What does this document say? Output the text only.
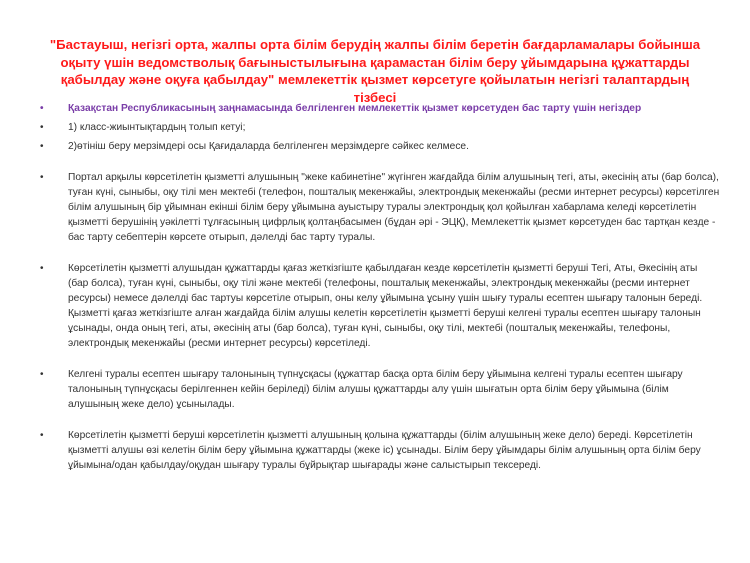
"Бастауыш, негізгі орта, жалпы орта білім берудің жалпы білім беретін бағдарламалары бойынша оқыту үшін ведомстволық бағыныстылығына қарамастан білім беру ұйымдарына құжаттарды қабылдау және оқуға қабылдау" мемлекеттік қызмет көрсетуге қойылатын негізгі талаптардың тізбесі
• Қазақстан Республикасының заңнамасында белгіленген мемлекеттік қызмет көрсетуден бас тарту үшін негіздер
• 1) класс-жиынтықтардың толып кетуі;
• 2)өтініш беру мерзімдері осы Қағидаларда белгіленген мерзімдерге сәйкес келмесе.
• Портал арқылы көрсетілетін қызметті алушының "жеке кабинетіне" жүгінген жағдайда білім алушының тегі, аты, әкесінің аты (бар болса), туған күні, сыныбы, оқу тілі мен мектебі (телефон, пошталық мекенжайы, электрондық мекенжайы (ресми интернет ресурсы) көрсетілген білім алушының бір ұйымнан екінші білім беру ұйымына ауыстыру туралы электрондық қол қойылған хабарлама келеді көрсетілетін қызметті берушінің уәкілетті тұлғасының цифрлық қолтаңбасымен (бұдан әрі - ЭЦҚ), Мемлекеттік қызмет көрсетуден бас тартқан кезде - бас тарту себептерін көрсете отырып, дәлелді бас тарту туралы.
• Көрсетілетін қызметті алушыдан құжаттарды қағаз жеткізгіште қабылдаған кезде көрсетілетін қызметті беруші Тегі, Аты, Әкесінің аты (бар болса), туған күні, сыныбы, оқу тілі және мектебі (телефоны, пошталық мекенжайы, электрондық мекенжайы (ресми интернет ресурсы) немесе дәлелді бас тартуы көрсетіле отырып, оны келу ұйымына ұсыну үшін шығу туралы есептен шығару талонын береді. Қызметті қағаз жеткізгіште алған жағдайда білім алушы келетін көрсетілетін қызметті беруші келгені туралы есептен шығару талонын ұсынады, онда оның тегі, аты, әкесінің аты (бар болса), туған күні, сыныбы, оқу тілі, мектебі (пошталық мекенжайы, телефоны, электрондық мекенжайы (ресми интернет ресурсы) көрсетіледі.
• Келгені туралы есептен шығару талонының түпнұсқасы (құжаттар басқа орта білім беру ұйымына келгені туралы есептен шығару талонының түпнұсқасы берілгеннен кейін беріледі) білім алушы құжаттарды алу үшін шығатын орта білім беру ұйымына (білім алушының жеке дело) ұсынылады.
• Көрсетілетін қызметті беруші көрсетілетін қызметті алушының қолына құжаттарды (білім алушының жеке дело) береді. Көрсетілетін қызметті алушы өзі келетін білім беру ұйымына құжаттарды (жеке іс) ұсынады. Білім беру ұйымдары білім алушының орта білім беру ұйымына/одан қабылдау/оқудан шығару туралы бұйрықтар шығарады және салыстырып тексереді.
